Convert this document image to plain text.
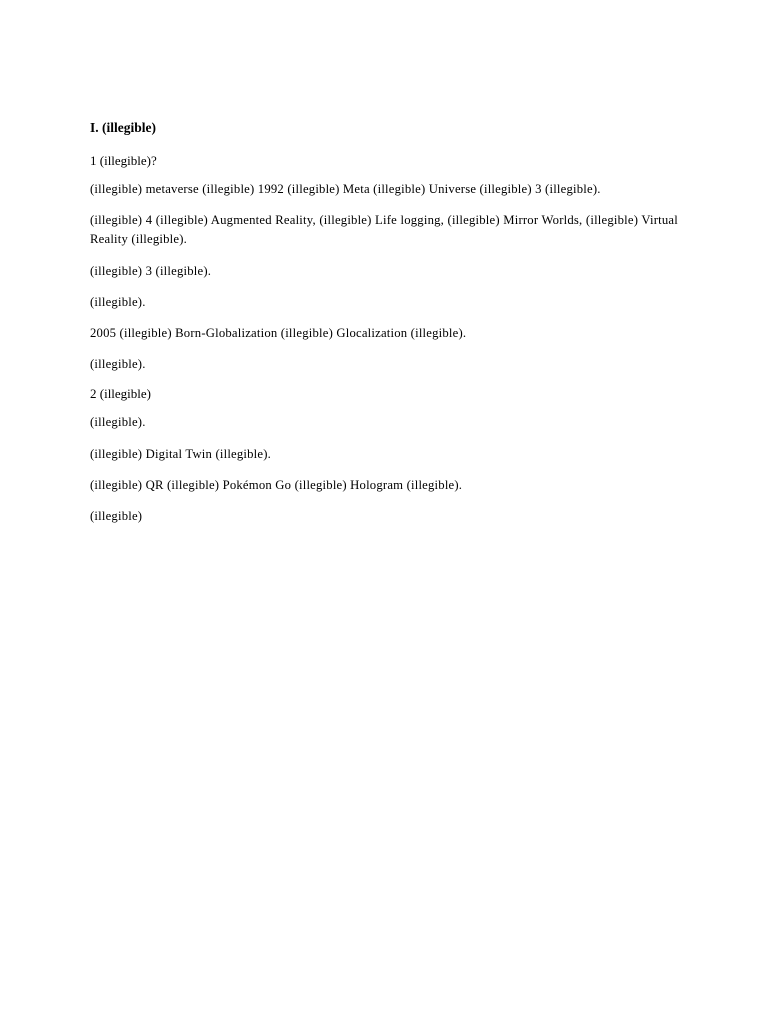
I. (illegible)
1 (illegible)?

(illegible) metaverse (illegible) 1992 (illegible) Meta (illegible) Universe (illegible) 3 (illegible).

(illegible) 4 (illegible) Augmented Reality, (illegible) Life logging, (illegible) Mirror Worlds, (illegible) Virtual Reality (illegible).

(illegible) 3 (illegible).

(illegible).

2005 (illegible) Born-Globalization (illegible) Glocalization (illegible).

(illegible).

2 (illegible)

(illegible).

(illegible) Digital Twin (illegible).

(illegible) QR (illegible) Pokémon Go (illegible) Hologram (illegible).

(illegible)
